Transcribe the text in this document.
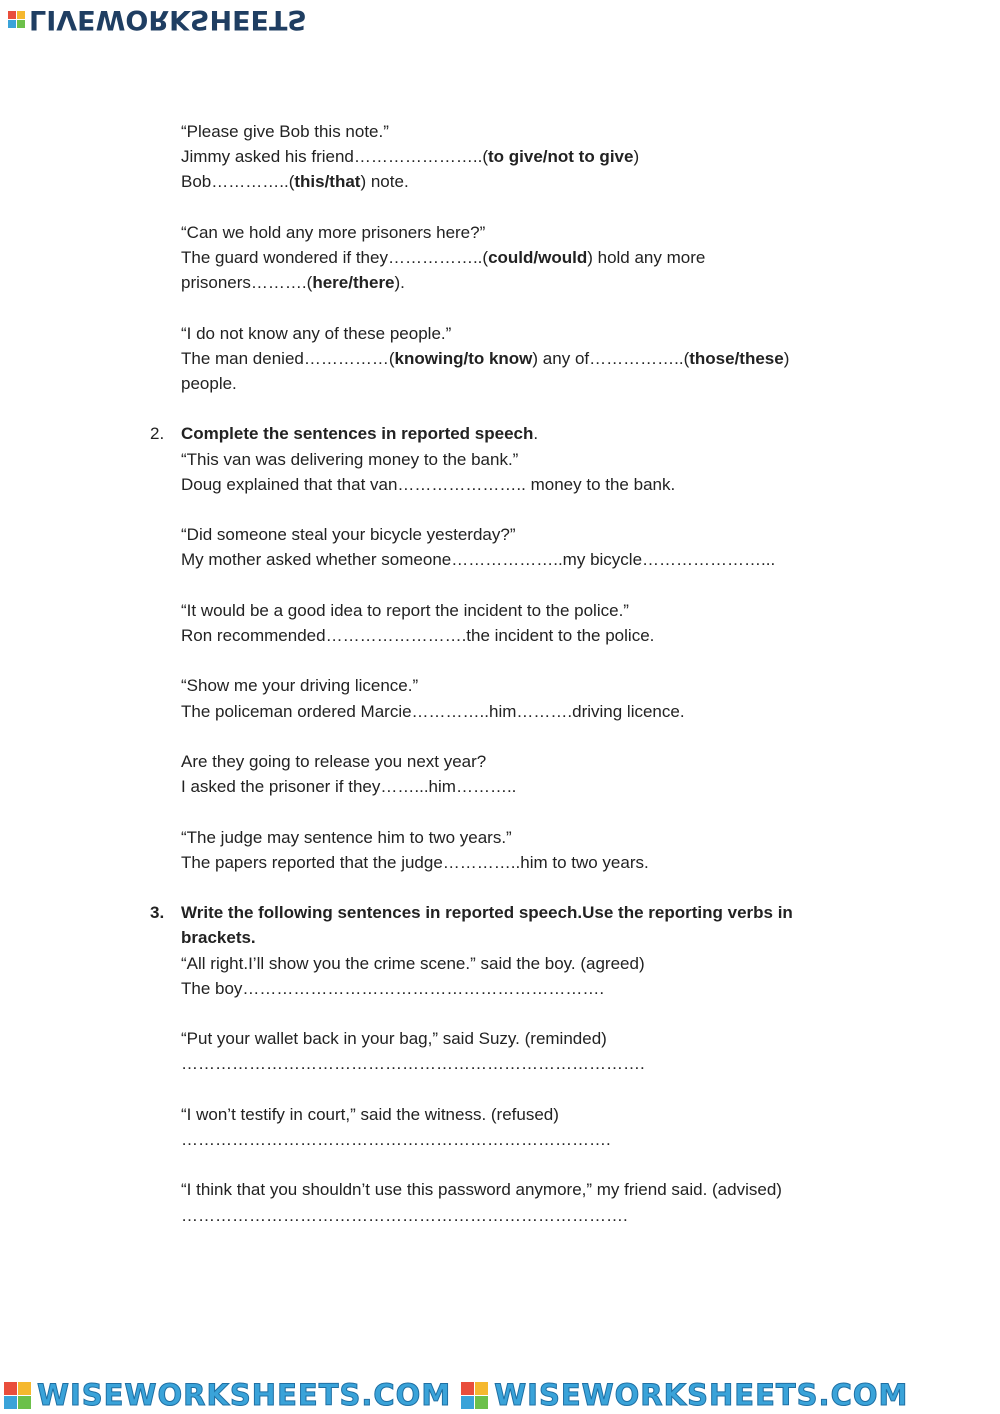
LIVEWORKSHEETS
“Please give Bob this note.”
Jimmy asked his friend…………………..(to give/not to give)
Bob…………..(this/that) note.
“Can we hold any more prisoners here?”
The guard wondered if they……………..(could/would) hold any more
prisoners……….(here/there).
“I do not know any of these people.”
The man denied……………(knowing/to know) any of……………..(those/these)
people.
2. Complete the sentences in reported speech.
“This van was delivering money to the bank.”
Doug explained that that van………………….. money to the bank.
“Did someone steal your bicycle yesterday?”
My mother asked whether someone………………..my bicycle…………………...
“It would be a good idea to report the incident to the police.”
Ron recommended…………………….the incident to the police.
“Show me your driving licence.”
The policeman ordered Marcie…………..him……….driving licence.
Are they going to release you next year?
I asked the prisoner if they……...him………..
“The judge may sentence him to two years.”
The papers reported that the judge…………..him to two years.
3. Write the following sentences in reported speech.Use the reporting verbs in
brackets.
“All right.I’ll show you the crime scene.” said the boy. (agreed)
The boy……………………………………………………….
“Put your wallet back in your bag,” said Suzy. (reminded)
……………………………………………………………………….
“I won’t testify in court,” said the witness. (refused)
………………………………………………………………….
“I think that you shouldn’t use this password anymore,” my friend said. (advised)
…………………………………………………………………….
WISEWORKSHEETS.COM WISEWORKSHEETS.COM
